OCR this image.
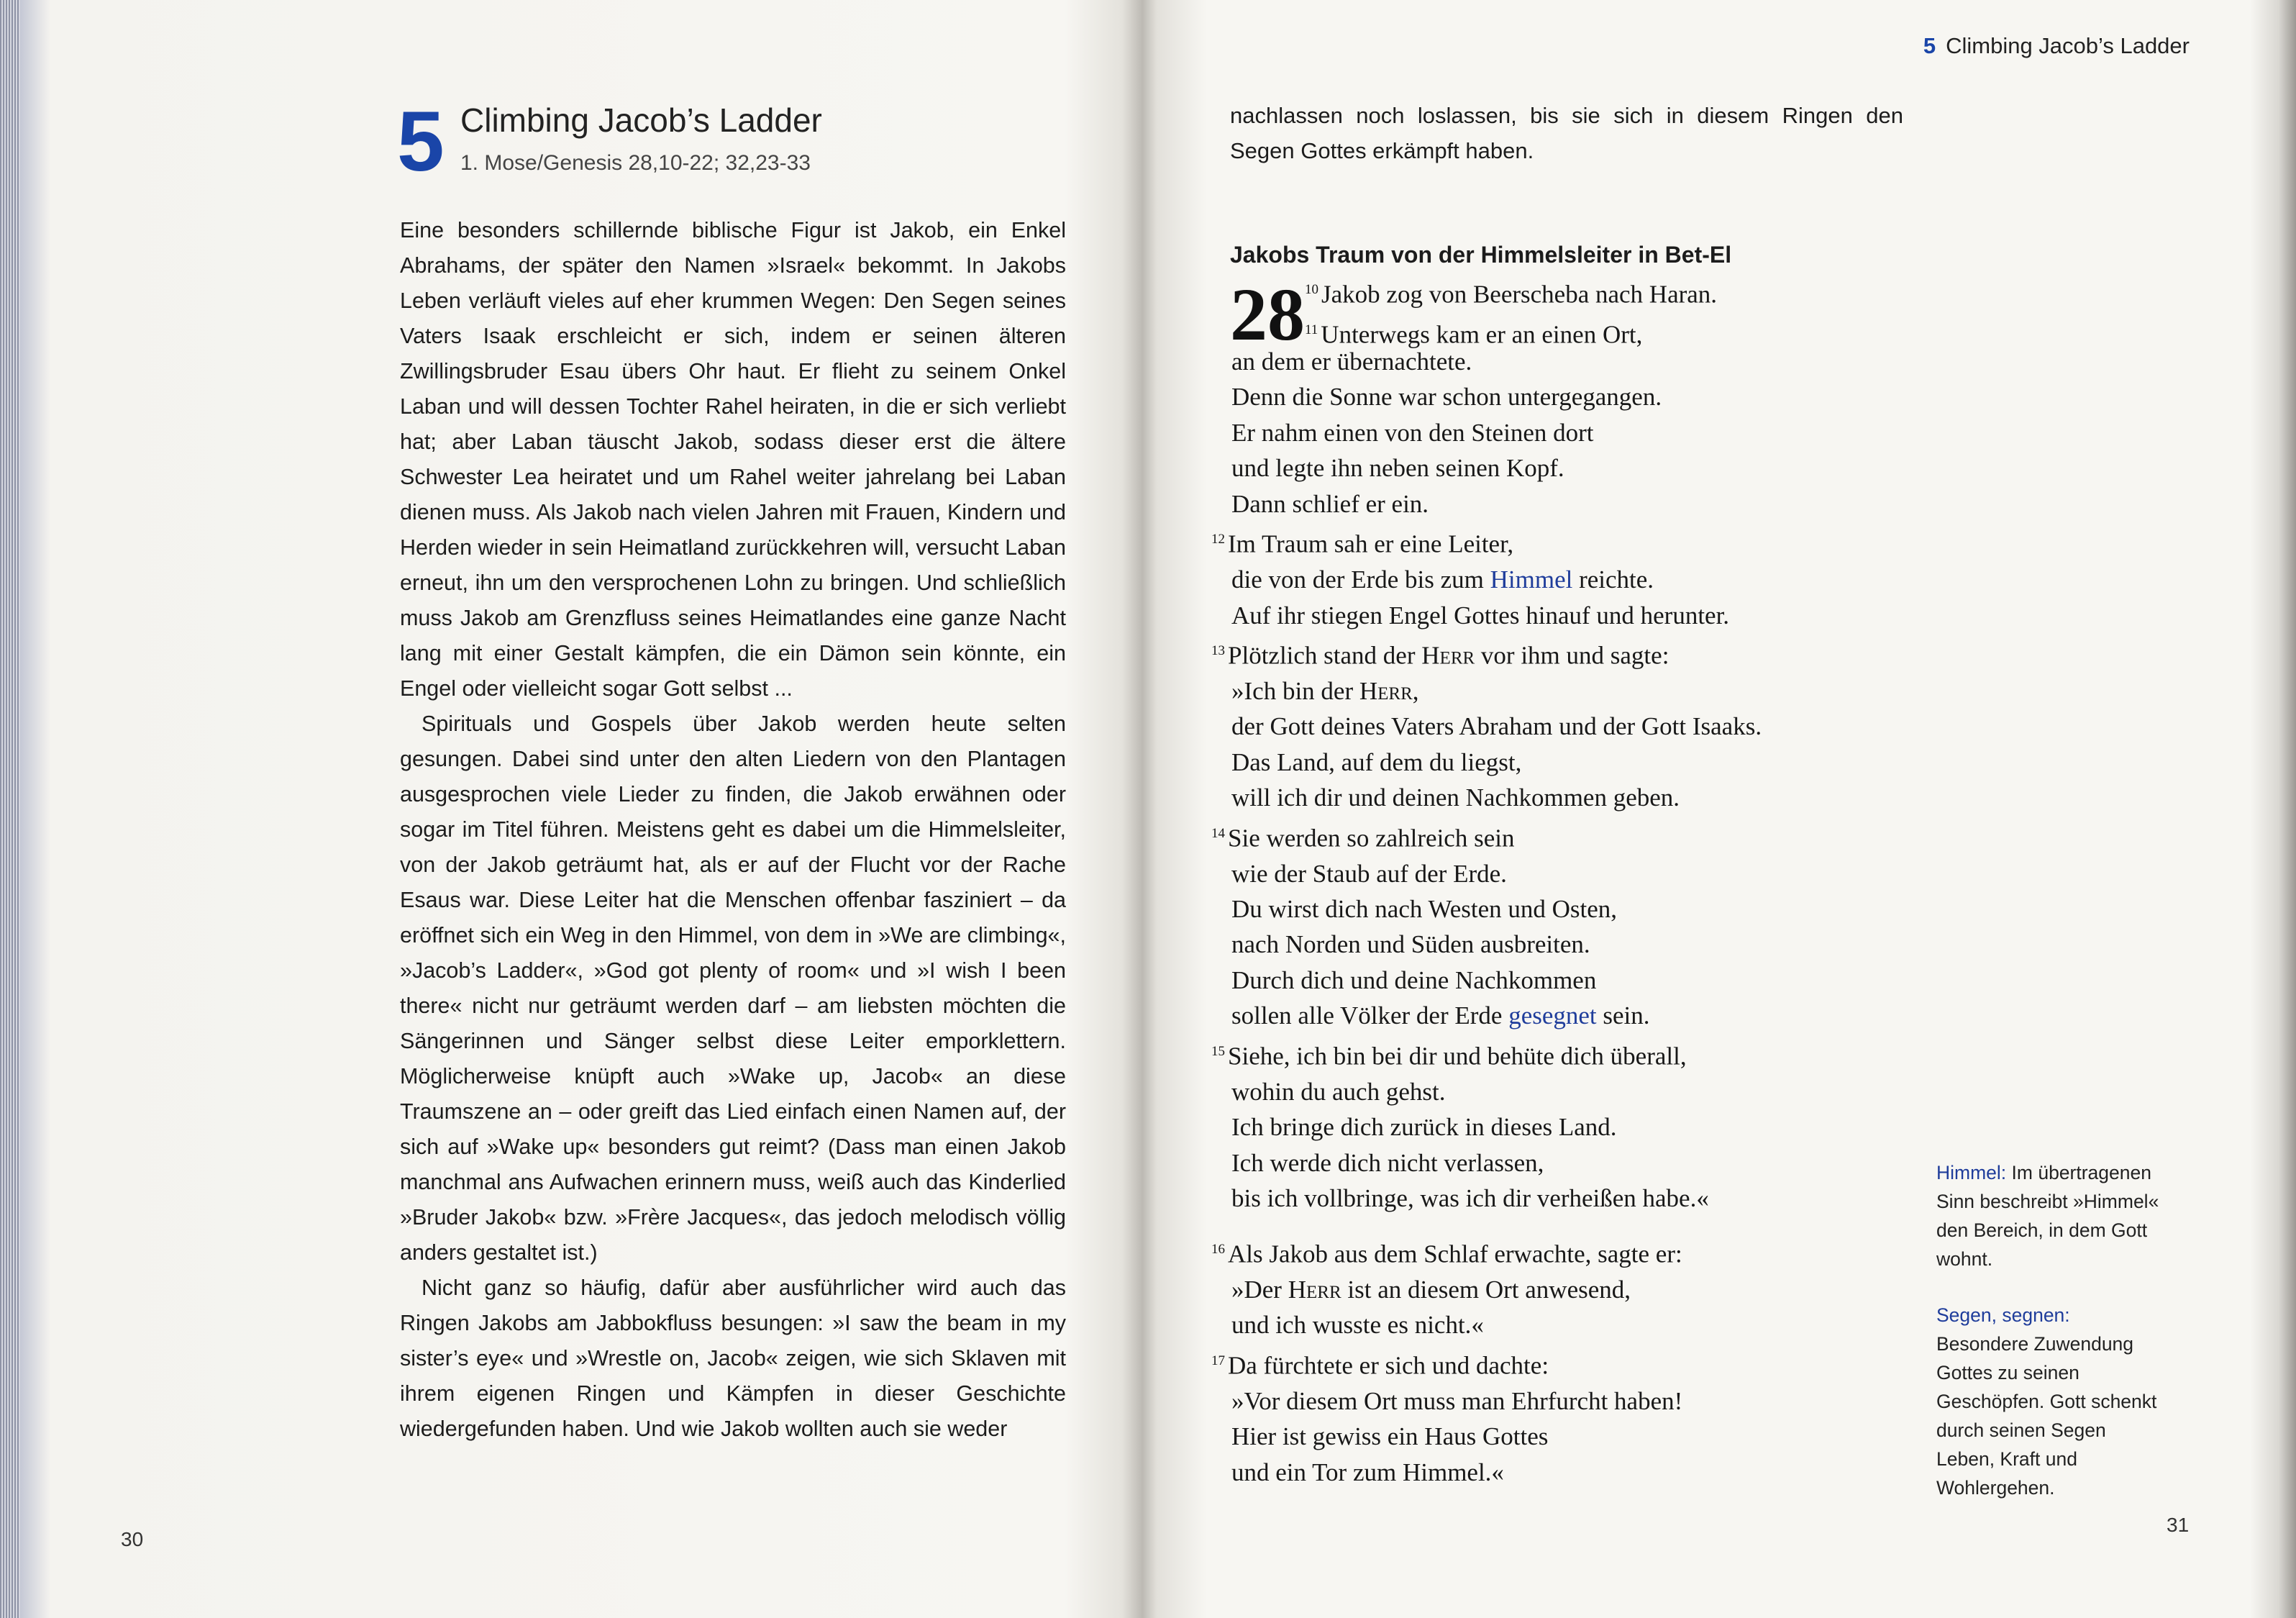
5 Climbing Jacob’s Ladder
1. Mose/Genesis 28,10-22; 32,23-33

Eine besonders schillernde biblische Figur ist Jakob, ein Enkel Abrahams, der später den Namen »Israel« bekommt. In Jakobs Leben verläuft vieles auf eher krummen Wegen: Den Segen seines Vaters Isaak erschleicht er sich, indem er seinen älteren Zwillingsbruder Esau übers Ohr haut. Er flieht zu seinem Onkel Laban und will dessen Tochter Rahel heiraten, in die er sich verliebt hat; aber Laban täuscht Jakob, sodass dieser erst die ältere Schwester Lea heiratet und um Rahel weiter jahrelang bei Laban dienen muss. Als Jakob nach vielen Jahren mit Frauen, Kindern und Herden wieder in sein Heimatland zurückkehren will, versucht Laban erneut, ihn um den versprochenen Lohn zu bringen. Und schließlich muss Jakob am Grenzfluss seines Heimatlandes eine ganze Nacht lang mit einer Gestalt kämpfen, die ein Dämon sein könnte, ein Engel oder vielleicht sogar Gott selbst ...

Spirituals und Gospels über Jakob werden heute selten gesungen. Dabei sind unter den alten Liedern von den Plantagen ausgesprochen viele Lieder zu finden, die Jakob erwähnen oder sogar im Titel führen. Meistens geht es dabei um die Himmelsleiter, von der Jakob geträumt hat, als er auf der Flucht vor der Rache Esaus war. Diese Leiter hat die Menschen offenbar fasziniert – da eröffnet sich ein Weg in den Himmel, von dem in »We are climbing«, »Jacob’s Ladder«, »God got plenty of room« und »I wish I been there« nicht nur geträumt werden darf – am liebsten möchten die Sängerinnen und Sänger selbst diese Leiter emporklettern. Möglicherweise knüpft auch »Wake up, Jacob« an diese Traumszene an – oder greift das Lied einfach einen Namen auf, der sich auf »Wake up« besonders gut reimt? (Dass man einen Jakob manchmal ans Aufwachen erinnern muss, weiß auch das Kinderlied »Bruder Jakob« bzw. »Frère Jacques«, das jedoch melodisch völlig anders gestaltet ist.)

Nicht ganz so häufig, dafür aber ausführlicher wird auch das Ringen Jakobs am Jabbokfluss besungen: »I saw the beam in my sister’s eye« und »Wrestle on, Jacob« zeigen, wie sich Sklaven mit ihrem eigenen Ringen und Kämpfen in dieser Geschichte wiedergefunden haben. Und wie Jakob wollten auch sie weder

30
5 Climbing Jacob’s Ladder
nachlassen noch loslassen, bis sie sich in diesem Ringen den Segen Gottes erkämpft haben.
Jakobs Traum von der Himmelsleiter in Bet-El
28 $^{10}$ Jakob zog von Beerscheba nach Haran.
$^{11}$ Unterwegs kam er an einen Ort,
an dem er übernachtete.
Denn die Sonne war schon untergegangen.
Er nahm einen von den Steinen dort
und legte ihn neben seinen Kopf.
Dann schlief er ein.
$^{12}$ Im Traum sah er eine Leiter,
die von der Erde bis zum Himmel reichte.
Auf ihr stiegen Engel Gottes hinauf und herunter.
$^{13}$ Plötzlich stand der Herr vor ihm und sagte:
»Ich bin der Herr,
der Gott deines Vaters Abraham und der Gott Isaaks.
Das Land, auf dem du liegst,
will ich dir und deinen Nachkommen geben.
$^{14}$ Sie werden so zahlreich sein
wie der Staub auf der Erde.
Du wirst dich nach Westen und Osten,
nach Norden und Süden ausbreiten.
Durch dich und deine Nachkommen
sollen alle Völker der Erde gesegnet sein.
$^{15}$ Siehe, ich bin bei dir und behüte dich überall,
wohin du auch gehst.
Ich bringe dich zurück in dieses Land.
Ich werde dich nicht verlassen,
bis ich vollbringe, was ich dir verheißen habe.«
$^{16}$ Als Jakob aus dem Schlaf erwachte, sagte er:
»Der Herr ist an diesem Ort anwesend,
und ich wusste es nicht.«
$^{17}$ Da fürchtete er sich und dachte:
»Vor diesem Ort muss man Ehrfurcht haben!
Hier ist gewiss ein Haus Gottes
und ein Tor zum Himmel.«
Himmel: Im übertragenen Sinn beschreibt »Himmel« den Bereich, in dem Gott wohnt.
Segen, segnen: Besondere Zuwendung Gottes zu seinen Geschöpfen. Gott schenkt durch seinen Segen Leben, Kraft und Wohlergehen.
31
